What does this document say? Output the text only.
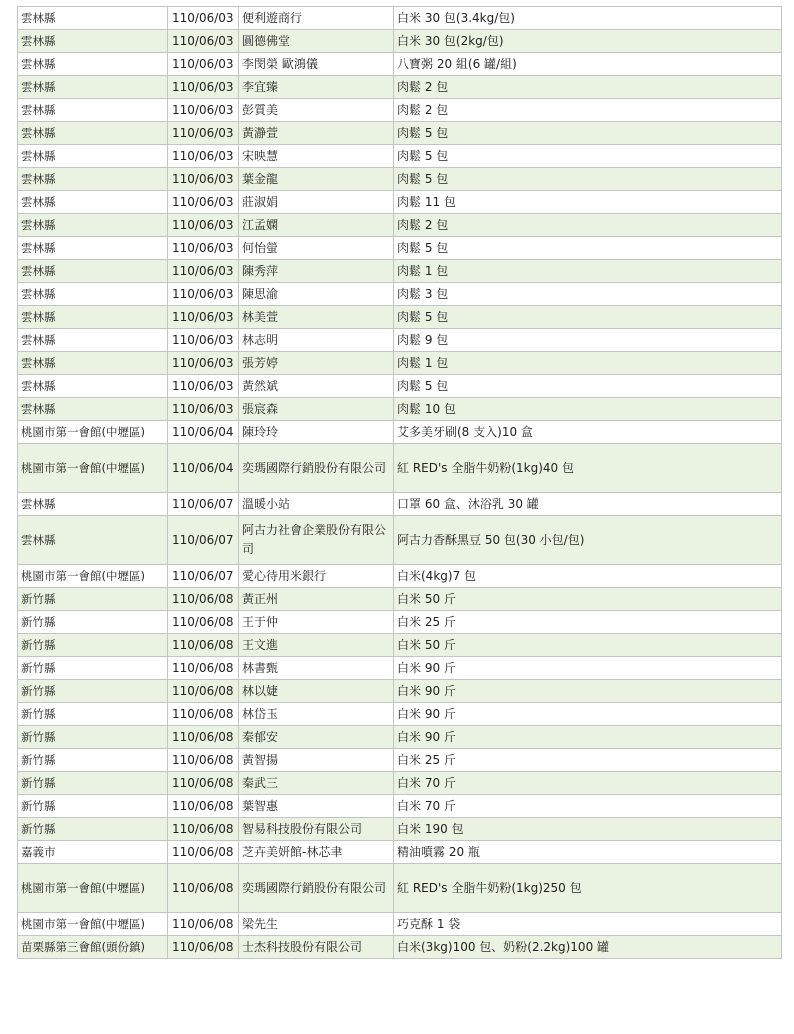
雲林縣	110/06/03	便利遊商行	白米 30 包(3.4kg/包)
雲林縣	110/06/03	圓德佛堂	白米 30 包(2kg/包)
雲林縣	110/06/03	李閔榮 歐鴻儀	八寶粥 20 組(6 罐/組)
雲林縣	110/06/03	李宜臻	肉鬆 2 包
雲林縣	110/06/03	彭質美	肉鬆 2 包
雲林縣	110/06/03	黃瀞萱	肉鬆 5 包
雲林縣	110/06/03	宋映慧	肉鬆 5 包
雲林縣	110/06/03	葉金龍	肉鬆 5 包
雲林縣	110/06/03	莊淑娟	肉鬆 11 包
雲林縣	110/06/03	江孟嫻	肉鬆 2 包
雲林縣	110/06/03	何怡螢	肉鬆 5 包
雲林縣	110/06/03	陳秀萍	肉鬆 1 包
雲林縣	110/06/03	陳思渝	肉鬆 3 包
雲林縣	110/06/03	林美萱	肉鬆 5 包
雲林縣	110/06/03	林志明	肉鬆 9 包
雲林縣	110/06/03	張芳婷	肉鬆 1 包
雲林縣	110/06/03	黃然斌	肉鬆 5 包
雲林縣	110/06/03	張宸森	肉鬆 10 包
桃園市第一會館(中壢區)	110/06/04	陳玲玲	艾多美牙刷(8 支入)10 盒
桃園市第一會館(中壢區)	110/06/04	奕瑪國際行銷股份有限公司	紅 RED's 全脂牛奶粉(1kg)40 包
雲林縣	110/06/07	溫暖小站	口罩 60 盒、沐浴乳 30 罐
雲林縣	110/06/07	阿古力社會企業股份有限公司	阿古力香酥黑豆 50 包(30 小包/包)
桃園市第一會館(中壢區)	110/06/07	愛心待用米銀行	白米(4kg)7 包
新竹縣	110/06/08	黃正州	白米 50 斤
新竹縣	110/06/08	王于仲	白米 25 斤
新竹縣	110/06/08	王文進	白米 50 斤
新竹縣	110/06/08	林書甄	白米 90 斤
新竹縣	110/06/08	林以婕	白米 90 斤
新竹縣	110/06/08	林岱玉	白米 90 斤
新竹縣	110/06/08	秦郁安	白米 90 斤
新竹縣	110/06/08	黃智揚	白米 25 斤
新竹縣	110/06/08	秦武三	白米 70 斤
新竹縣	110/06/08	葉智惠	白米 70 斤
新竹縣	110/06/08	智易科技股份有限公司	白米 190 包
嘉義市	110/06/08	芝卉美妍館-林芯聿	精油噴霧 20 瓶
桃園市第一會館(中壢區)	110/06/08	奕瑪國際行銷股份有限公司	紅 RED's 全脂牛奶粉(1kg)250 包
桃園市第一會館(中壢區)	110/06/08	梁先生	巧克酥 1 袋
苗栗縣第三會館(頭份鎮)	110/06/08	士杰科技股份有限公司	白米(3kg)100 包、奶粉(2.2kg)100 罐
